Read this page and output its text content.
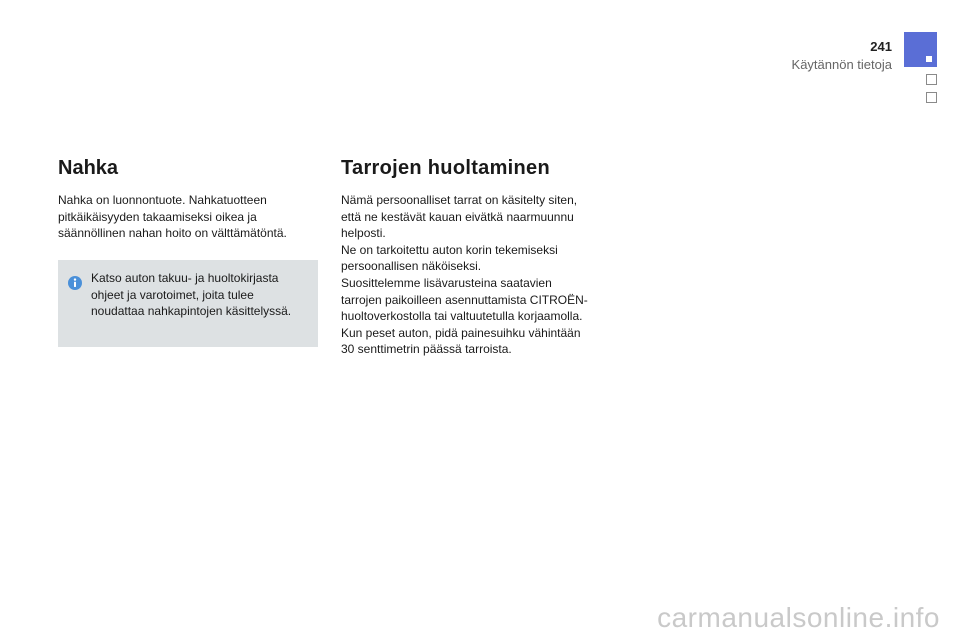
241
Käytännön tietoja
Nahka

Nahka on luonnontuote. Nahkatuotteen
pitkäikäisyyden takaamiseksi oikea ja
säännöllinen nahan hoito on välttämätöntä.

Katso auton takuu- ja huoltokirjasta
ohjeet ja varotoimet, joita tulee
noudattaa nahkapintojen käsittelyssä.
Tarrojen huoltaminen

Nämä persoonalliset tarrat on käsitelty siten,
että ne kestävät kauan eivätkä naarmuunnu
helposti.
Ne on tarkoitettu auton korin tekemiseksi
persoonallisen näköiseksi.
Suosittelemme lisävarusteina saatavien
tarrojen paikoilleen asennuttamista CITROËN-
huoltoverkostolla tai valtuutetulla korjaamolla.
Kun peset auton, pidä painesuihku vähintään
30 senttimetrin päässä tarroista.

carmanualsonline.info
